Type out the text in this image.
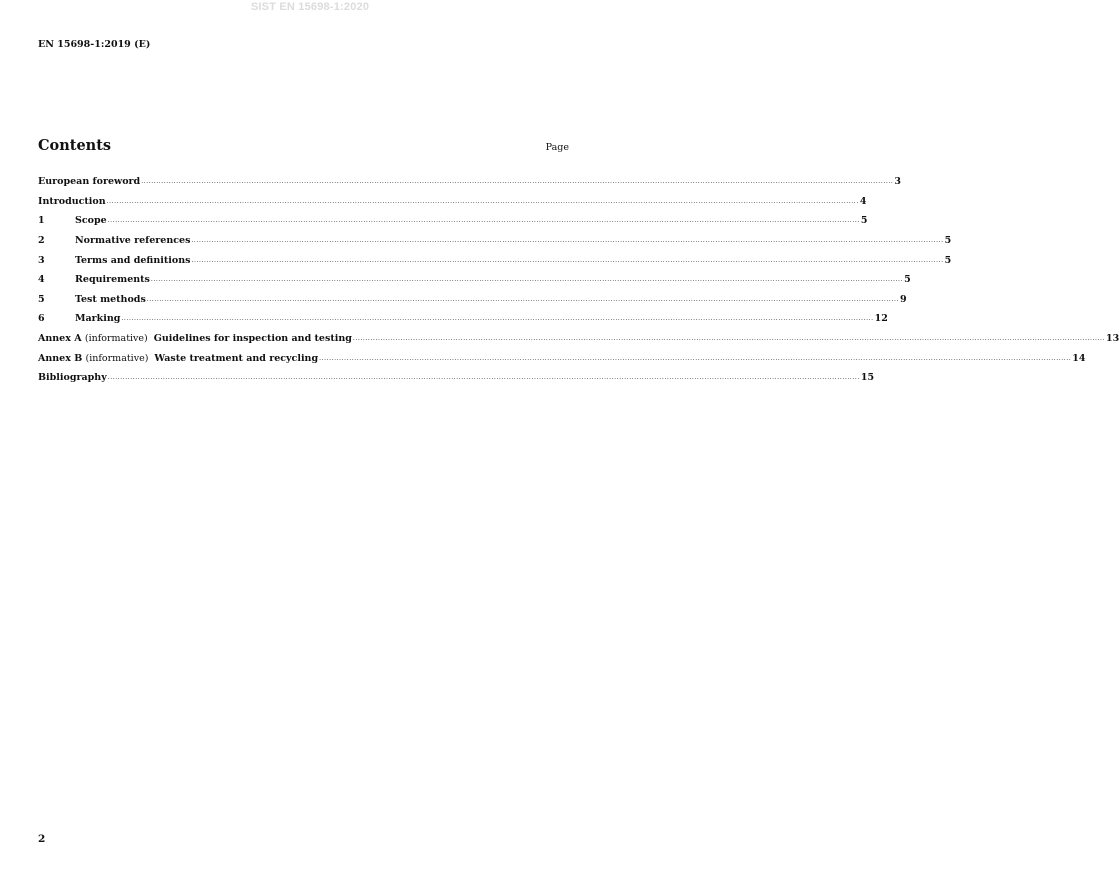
SIST EN 15698-1:2020
EN 15698-1:2019 (E)
Contents	Page
European foreword ............................................................................................................................................................................................................................................................................................................ 3
Introduction ............................................................................................................................................................................................................................................................................................................ 4
1	Scope ............................................................................................................................................................................................................................................................................................................ 5
2	Normative references ............................................................................................................................................................................................................................................................................................................ 5
3	Terms and definitions ............................................................................................................................................................................................................................................................................................................ 5
4	Requirements ............................................................................................................................................................................................................................................................................................................ 5
5	Test methods ............................................................................................................................................................................................................................................................................................................ 9
6	Marking ............................................................................................................................................................................................................................................................................................................ 12
Annex A (informative) Guidelines for inspection and testing ............................................................................................................................................................................................................................................................................................................ 13
Annex B (informative) Waste treatment and recycling ............................................................................................................................................................................................................................................................................................................ 14
Bibliography ............................................................................................................................................................................................................................................................................................................ 15
2
